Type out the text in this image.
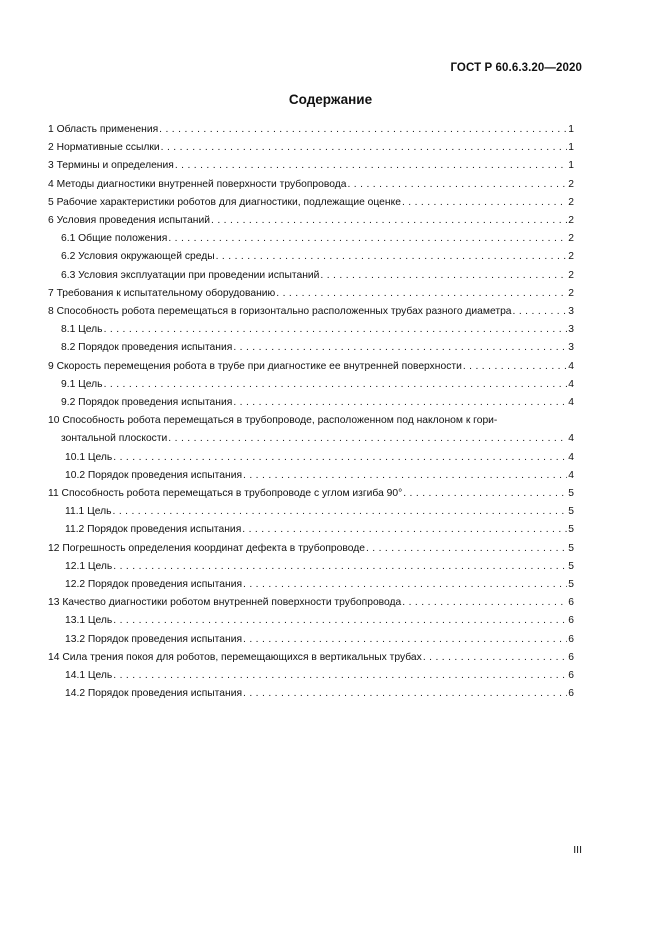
ГОСТ Р 60.6.3.20—2020
Содержание
1 Область применения . . .	1
2 Нормативные ссылки . . .	1
3 Термины и определения . . .	1
4 Методы диагностики внутренней поверхности трубопровода . . .	2
5 Рабочие характеристики роботов для диагностики, подлежащие оценке . . .	2
6 Условия проведения испытаний . . .	2
6.1 Общие положения . . .	2
6.2 Условия окружающей среды . . .	2
6.3 Условия эксплуатации при проведении испытаний . . .	2
7 Требования к испытательному оборудованию . . .	2
8 Способность робота перемещаться в горизонтально расположенных трубах разного диаметра . . .	3
8.1 Цель . . .	3
8.2 Порядок проведения испытания . . .	3
9 Скорость перемещения робота в трубе при диагностике ее внутренней поверхности . . .	4
9.1 Цель . . .	4
9.2 Порядок проведения испытания . . .	4
10 Способность робота перемещаться в трубопроводе, расположенном под наклоном к гори-
зонтальной плоскости . . .	4
10.1 Цель . . .	4
10.2 Порядок проведения испытания . . .	4
11 Способность робота перемещаться в трубопроводе с углом изгиба 90° . . .	5
11.1 Цель . . .	5
11.2 Порядок проведения испытания . . .	5
12 Погрешность определения координат дефекта в трубопроводе . . .	5
12.1 Цель . . .	5
12.2 Порядок проведения испытания . . .	5
13 Качество диагностики роботом внутренней поверхности трубопровода . . .	6
13.1 Цель . . .	6
13.2 Порядок проведения испытания . . .	6
14 Сила трения покоя для роботов, перемещающихся в вертикальных трубах . . .	6
14.1 Цель . . .	6
14.2 Порядок проведения испытания . . .	6
III
